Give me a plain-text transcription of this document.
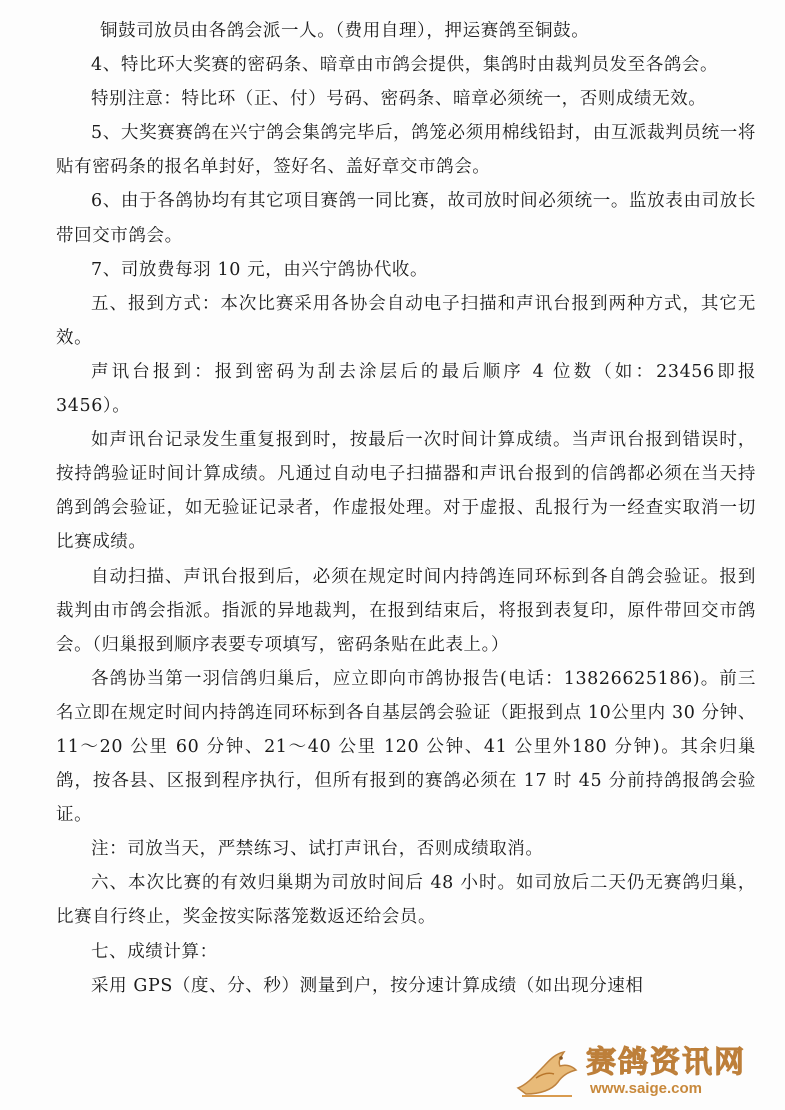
铜鼓司放员由各鸽会派一人。（费用自理），押运赛鸽至铜鼓。

4、特比环大奖赛的密码条、暗章由市鸽会提供，集鸽时由裁判员发至各鸽会。

特别注意：特比环（正、付）号码、密码条、暗章必须统一，否则成绩无效。

5、大奖赛赛鸽在兴宁鸽会集鸽完毕后，鸽笼必须用棉线铅封，由互派裁判员统一将贴有密码条的报名单封好，签好名、盖好章交市鸽会。

6、由于各鸽协均有其它项目赛鸽一同比赛，故司放时间必须统一。监放表由司放长带回交市鸽会。

7、司放费每羽 10 元，由兴宁鸽协代收。

五、报到方式：本次比赛采用各协会自动电子扫描和声讯台报到两种方式，其它无效。

声讯台报到：报到密码为刮去涂层后的最后顺序 4 位数（如：23456即报 3456）。

如声讯台记录发生重复报到时，按最后一次时间计算成绩。当声讯台报到错误时，按持鸽验证时间计算成绩。凡通过自动电子扫描器和声讯台报到的信鸽都必须在当天持鸽到鸽会验证，如无验证记录者，作虚报处理。对于虚报、乱报行为一经查实取消一切比赛成绩。

自动扫描、声讯台报到后，必须在规定时间内持鸽连同环标到各自鸽会验证。报到裁判由市鸽会指派。指派的异地裁判，在报到结束后，将报到表复印，原件带回交市鸽会。（归巢报到顺序表要专项填写，密码条贴在此表上。）

各鸽协当第一羽信鸽归巢后，应立即向市鸽协报告(电话：13826625186)。前三名立即在规定时间内持鸽连同环标到各自基层鸽会验证（距报到点 10公里内 30 分钟、11～20 公里 60 分钟、21～40 公里 120 公钟、41 公里外180 分钟)。其余归巢鸽，按各县、区报到程序执行，但所有报到的赛鸽必须在 17 时 45 分前持鸽报鸽会验证。

注：司放当天，严禁练习、试打声讯台，否则成绩取消。

六、本次比赛的有效归巢期为司放时间后 48 小时。如司放后二天仍无赛鸽归巢，比赛自行终止，奖金按实际落笼数返还给会员。

七、成绩计算：

采用 GPS（度、分、秒）测量到户，按分速计算成绩（如出现分速相

赛鸽资讯网
www.saige.com
